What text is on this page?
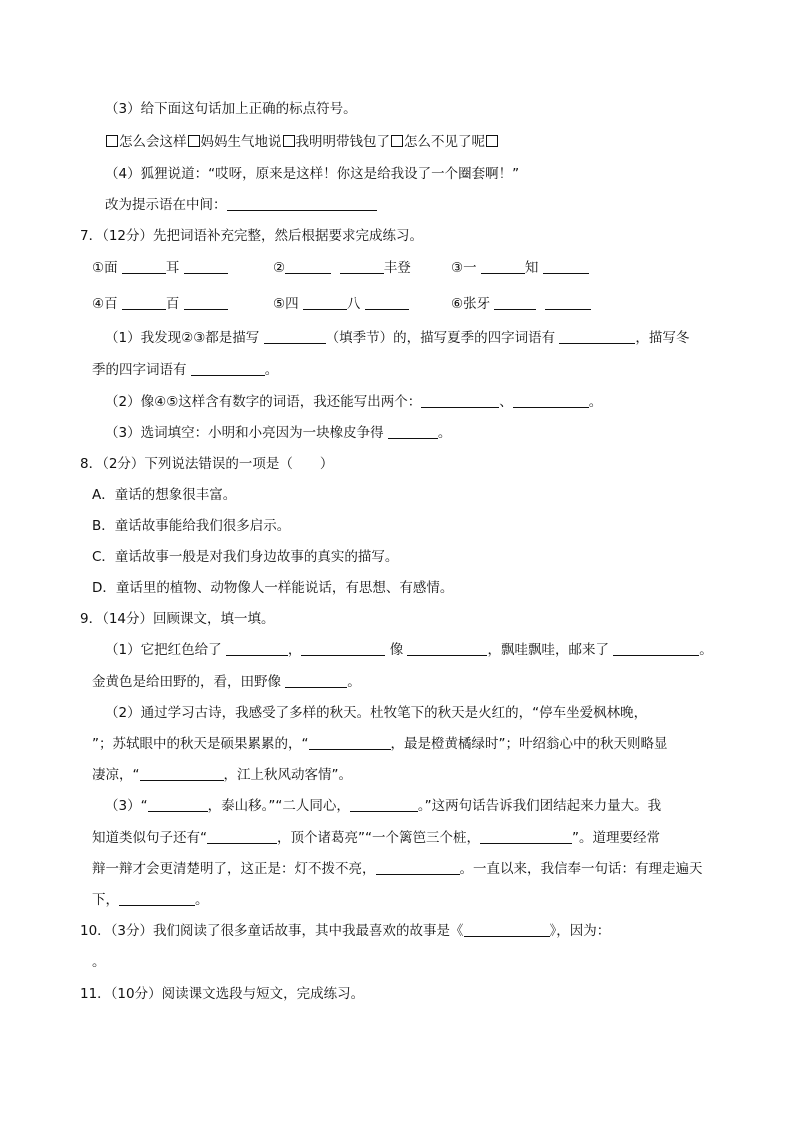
（3）给下面这句话加上正确的标点符号。
怎么会这样 妈妈生气地说 我明明带钱包了 怎么不见了呢
（4）狐狸说道：“哎呀，原来是这样！你这是给我设了一个圈套啊！”
改为提示语在中间：
7．（12分）先把词语补充完整，然后根据要求完成练习。
①面	耳	②	丰登	③一	知
④百	百	⑤四	八	⑥张牙
（1）我发现②③都是描写	（填季节）的，描写夏季的四字词语有	，描写冬
季的四字词语有	。
（2）像④⑤这样含有数字的词语，我还能写出两个：	、	。
（3）选词填空：小明和小亮因为一块橡皮争得	。
8．（2分）下列说法错误的一项是（　　）
A．童话的想象很丰富。
B．童话故事能给我们很多启示。
C．童话故事一般是对我们身边故事的真实的描写。
D．童话里的植物、动物像人一样能说话，有思想、有感情。
9．（14分）回顾课文，填一填。
（1）它把红色给了	，	像	，飘哇飘哇，邮来了	。
金黄色是给田野的，看，田野像	。
（2）通过学习古诗，我感受了多样的秋天。杜牧笔下的秋天是火红的，“停车坐爱枫林晚，
”；苏轼眼中的秋天是硕果累累的，“	，最是橙黄橘绿时”；叶绍翁心中的秋天则略显
凄凉，“	，江上秋风动客情”。
（3）“	，泰山移。”“二人同心，	。”这两句话告诉我们团结起来力量大。我
知道类似句子还有“	，顶个诸葛亮”“一个篱笆三个桩，	”。道理要经常
辩一辩才会更清楚明了，这正是：灯不拨不亮，	。一直以来，我信奉一句话：有理走遍天
下，	。
10．（3分）我们阅读了很多童话故事，其中我最喜欢的故事是《	》，因为：
。
11．（10分）阅读课文选段与短文，完成练习。
